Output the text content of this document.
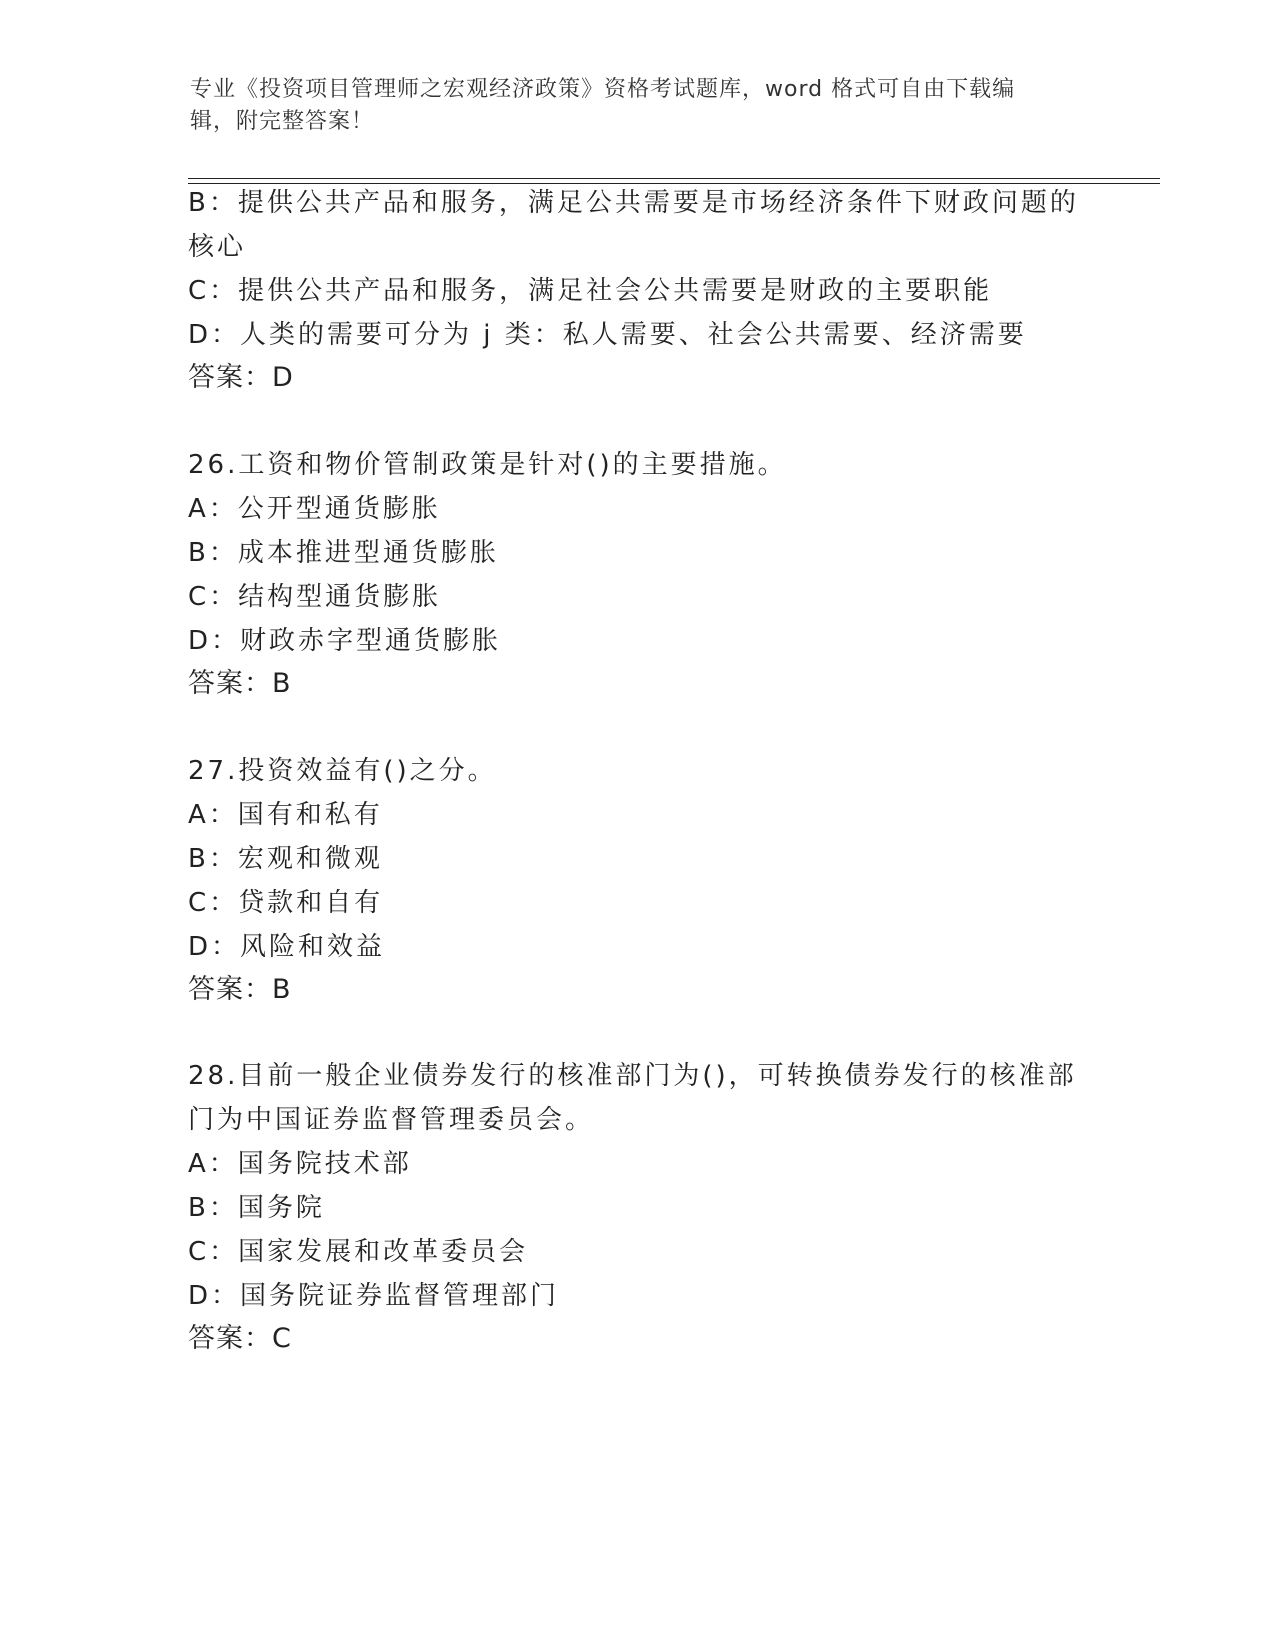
专业《投资项目管理师之宏观经济政策》资格考试题库，word 格式可自由下载编
辑，附完整答案！
B：提供公共产品和服务，满足公共需要是市场经济条件下财政问题的
核心
C：提供公共产品和服务，满足社会公共需要是财政的主要职能
D：人类的需要可分为 j 类：私人需要、社会公共需要、经济需要
答案：D
26.工资和物价管制政策是针对()的主要措施。
A：公开型通货膨胀
B：成本推进型通货膨胀
C：结构型通货膨胀
D：财政赤字型通货膨胀
答案：B
27.投资效益有()之分。
A：国有和私有
B：宏观和微观
C：贷款和自有
D：风险和效益
答案：B
28.目前一般企业债券发行的核准部门为()，可转换债券发行的核准部
门为中国证券监督管理委员会。
A：国务院技术部
B：国务院
C：国家发展和改革委员会
D：国务院证券监督管理部门
答案：C
